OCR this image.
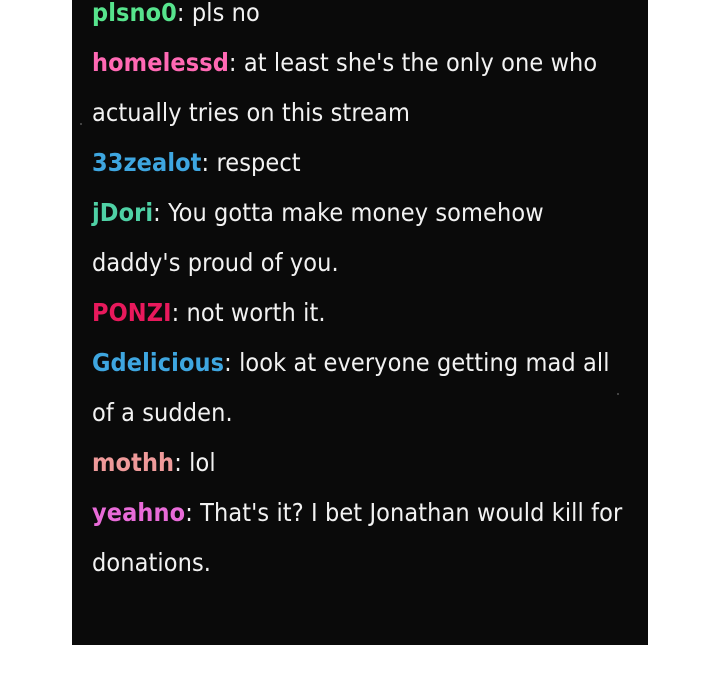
plsno0: pls no
homelessd: at least she's the only one who actually tries on this stream
33zealot: respect
jDori: You gotta make money somehow daddy's proud of you.
PONZI: not worth it.
Gdelicious: look at everyone getting mad all of a sudden.
mothh: lol
yeahno: That's it? I bet Jonathan would kill for donations.
